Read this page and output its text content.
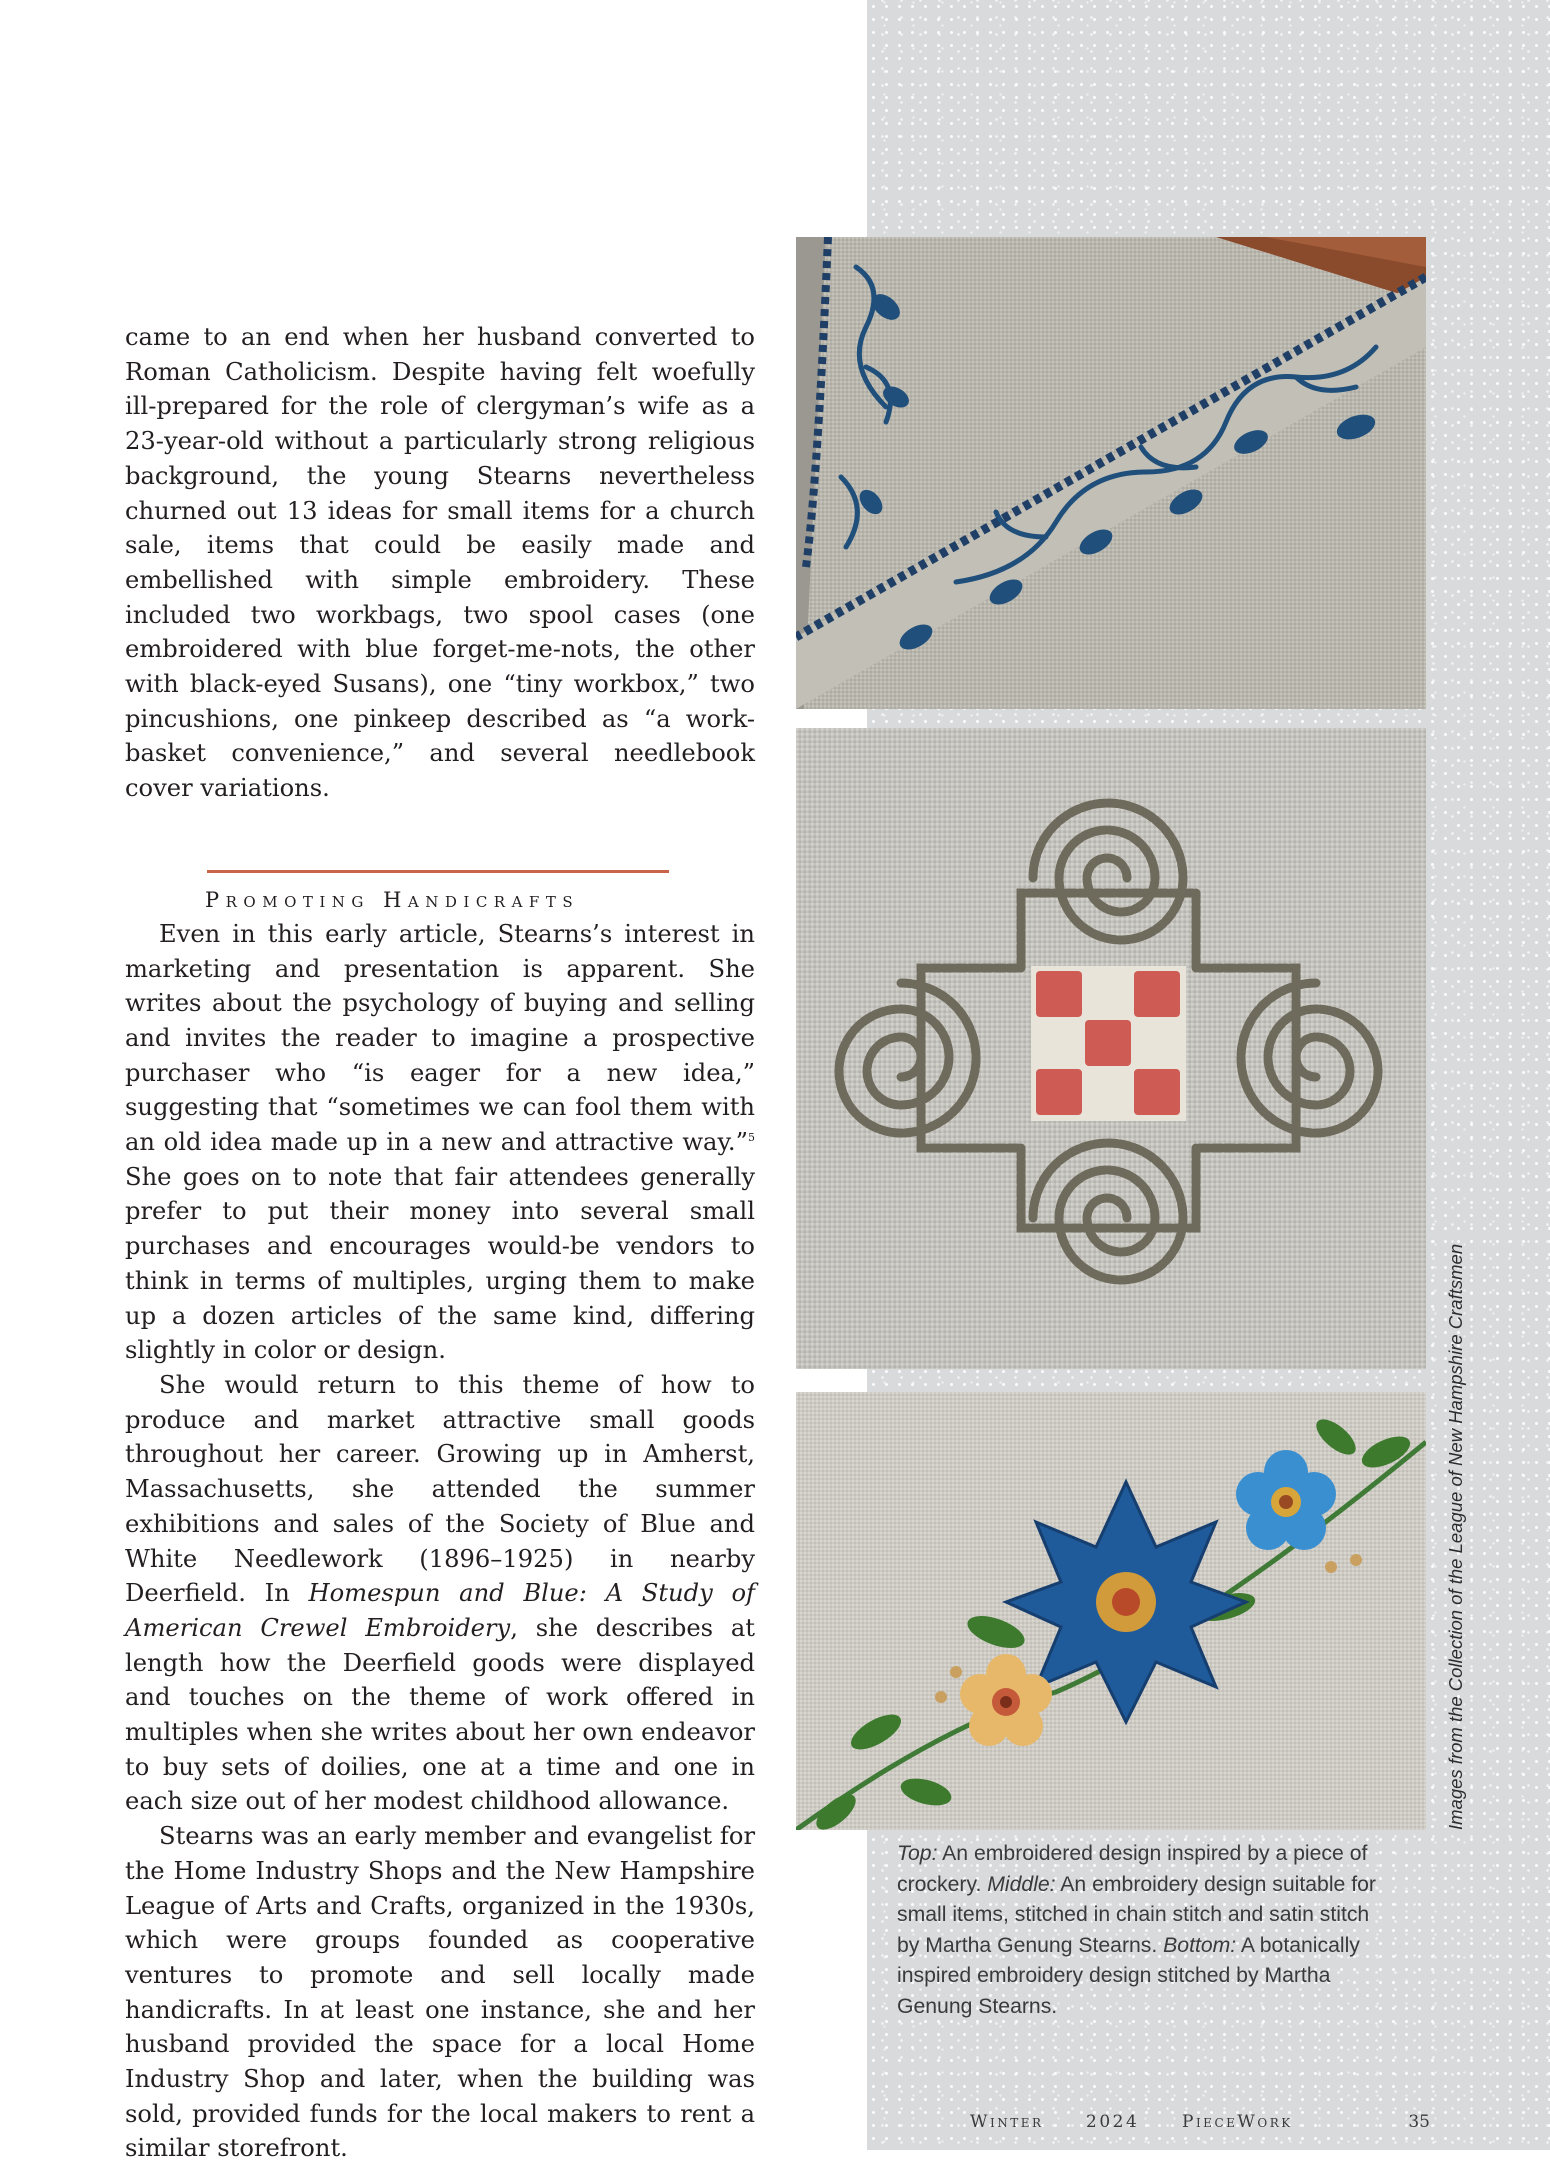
came to an end when her husband converted to Roman Catholicism. Despite having felt woefully ill-prepared for the role of clergyman’s wife as a 23-year-old without a particularly strong religious background, the young Stearns nevertheless churned out 13 ideas for small items for a church sale, items that could be easily made and embellished with simple embroidery. These included two workbags, two spool cases (one embroidered with blue forget-me-nots, the other with black-eyed Susans), one “tiny workbox,” two pincushions, one pinkeep described as “a work-basket convenience,” and several needlebook cover variations.

Promoting Handicrafts

Even in this early article, Stearns’s interest in marketing and presentation is apparent. She writes about the psychology of buying and selling and invites the reader to imagine a prospective purchaser who “is eager for a new idea,” suggesting that “sometimes we can fool them with an old idea made up in a new and attractive way.”$^5$ She goes on to note that fair attendees generally prefer to put their money into several small purchases and encourages would-be vendors to think in terms of multiples, urging them to make up a dozen articles of the same kind, differing slightly in color or design.

She would return to this theme of how to produce and market attractive small goods throughout her career. Growing up in Amherst, Massachusetts, she attended the summer exhibitions and sales of the Society of Blue and White Needlework (1896–1925) in nearby Deerfield. In Homespun and Blue: A Study of American Crewel Embroidery, she describes at length how the Deerfield goods were displayed and touches on the theme of work offered in multiples when she writes about her own endeavor to buy sets of doilies, one at a time and one in each size out of her modest childhood allowance.

Stearns was an early member and evangelist for the Home Industry Shops and the New Hampshire League of Arts and Crafts, organized in the 1930s, which were groups founded as cooperative ventures to promote and sell locally made handicrafts. In at least one instance, she and her husband provided the space for a local Home Industry Shop and later, when the building was sold, provided funds for the local makers to rent a similar storefront.

Top: An embroidered design inspired by a piece of crockery. Middle: An embroidery design suitable for small items, stitched in chain stitch and satin stitch by Martha Genung Stearns. Bottom: A botanically inspired embroidery design stitched by Martha Genung Stearns.
Images from the Collection of the League of New Hampshire Craftsmen
Winter 2024	PieceWork	35
